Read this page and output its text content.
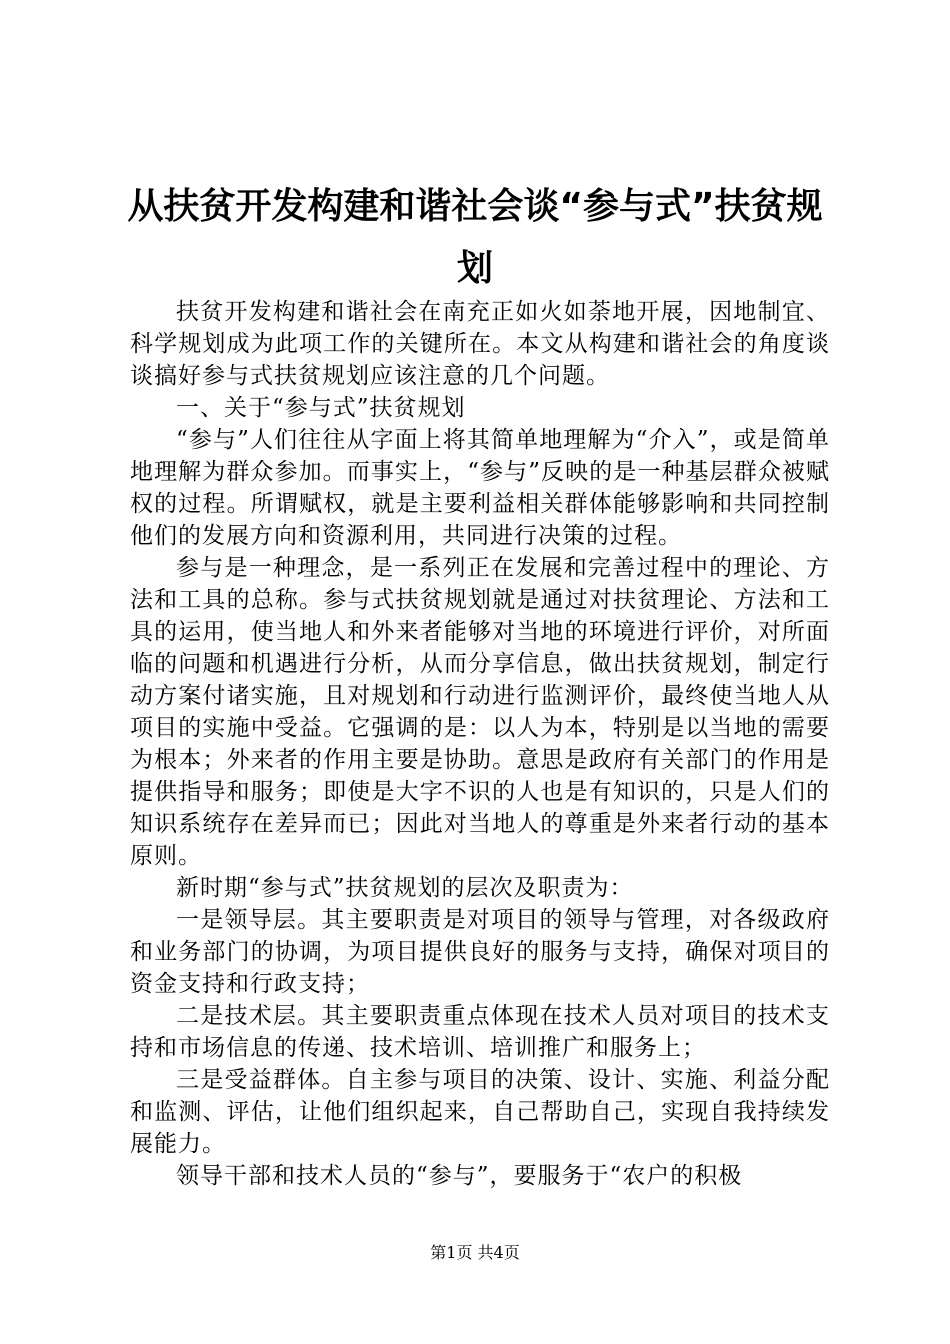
从扶贫开发构建和谐社会谈“参与式”扶贫规划

扶贫开发构建和谐社会在南充正如火如荼地开展，因地制宜、科学规划成为此项工作的关键所在。本文从构建和谐社会的角度谈谈搞好参与式扶贫规划应该注意的几个问题。

一、关于“参与式”扶贫规划

“参与”人们往往从字面上将其简单地理解为“介入”，或是简单地理解为群众参加。而事实上，“参与”反映的是一种基层群众被赋权的过程。所谓赋权，就是主要利益相关群体能够影响和共同控制他们的发展方向和资源利用，共同进行决策的过程。

参与是一种理念，是一系列正在发展和完善过程中的理论、方法和工具的总称。参与式扶贫规划就是通过对扶贫理论、方法和工具的运用，使当地人和外来者能够对当地的环境进行评价，对所面临的问题和机遇进行分析，从而分享信息，做出扶贫规划，制定行动方案付诸实施，且对规划和行动进行监测评价，最终使当地人从项目的实施中受益。它强调的是：以人为本，特别是以当地的需要为根本；外来者的作用主要是协助。意思是政府有关部门的作用是提供指导和服务；即使是大字不识的人也是有知识的，只是人们的知识系统存在差异而已；因此对当地人的尊重是外来者行动的基本原则。

新时期“参与式”扶贫规划的层次及职责为：

一是领导层。其主要职责是对项目的领导与管理，对各级政府和业务部门的协调，为项目提供良好的服务与支持，确保对项目的资金支持和行政支持；

二是技术层。其主要职责重点体现在技术人员对项目的技术支持和市场信息的传递、技术培训、培训推广和服务上；

三是受益群体。自主参与项目的决策、设计、实施、利益分配和监测、评估，让他们组织起来，自己帮助自己，实现自我持续发展能力。

领导干部和技术人员的“参与”，要服务于“农户的积极

第1页 共4页
